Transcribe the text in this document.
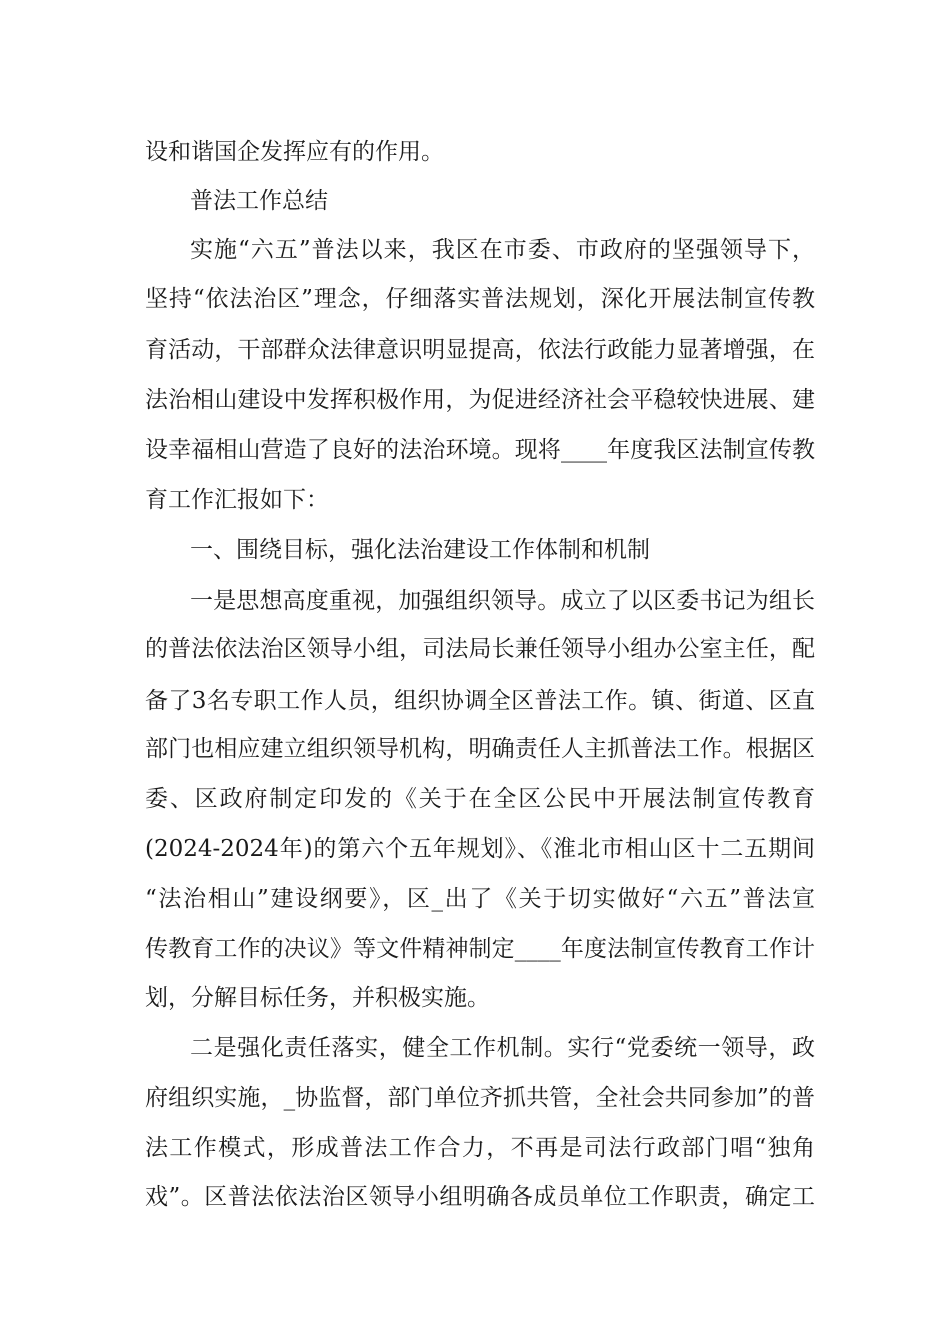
设和谐国企发挥应有的作用。
普法工作总结
实施“六五”普法以来，我区在市委、市政府的坚强领导下，
坚持“依法治区”理念，仔细落实普法规划，深化开展法制宣传教
育活动，干部群众法律意识明显提高，依法行政能力显著增强，在
法治相山建设中发挥积极作用，为促进经济社会平稳较快进展、建
设幸福相山营造了良好的法治环境。现将____年度我区法制宣传教
育工作汇报如下：
一、围绕目标，强化法治建设工作体制和机制
一是思想高度重视，加强组织领导。成立了以区委书记为组长
的普法依法治区领导小组，司法局长兼任领导小组办公室主任，配
备了3名专职工作人员，组织协调全区普法工作。镇、街道、区直
部门也相应建立组织领导机构，明确责任人主抓普法工作。根据区
委、区政府制定印发的《关于在全区公民中开展法制宣传教育
(2024-2024年)的第六个五年规划》、《淮北市相山区十二五期间
“法治相山”建设纲要》，区_出了《关于切实做好“六五”普法宣
传教育工作的决议》等文件精神制定____年度法制宣传教育工作计
划，分解目标任务，并积极实施。
二是强化责任落实，健全工作机制。实行“党委统一领导，政
府组织实施，_协监督，部门单位齐抓共管，全社会共同参加”的普
法工作模式，形成普法工作合力，不再是司法行政部门唱“独角
戏”。区普法依法治区领导小组明确各成员单位工作职责，确定工
